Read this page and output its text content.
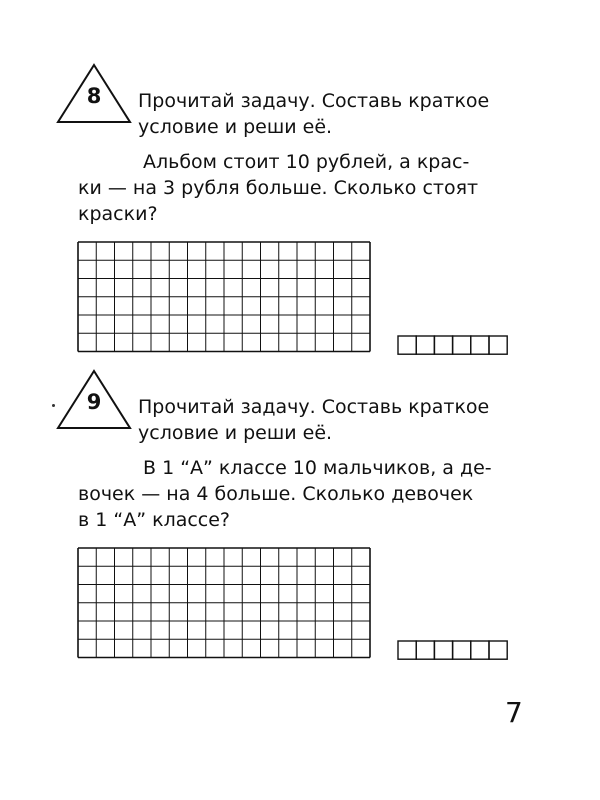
8	Прочитай задачу. Составь краткое
условие и реши её.
Альбом стоит 10 рублей, а крас-
ки — на 3 рубля больше. Сколько стоят
краски?
9	Прочитай задачу. Составь краткое
условие и реши её.
В 1 “А” классе 10 мальчиков, а де-
вочек — на 4 больше. Сколько девочек
в 1 “А” классе?
7
